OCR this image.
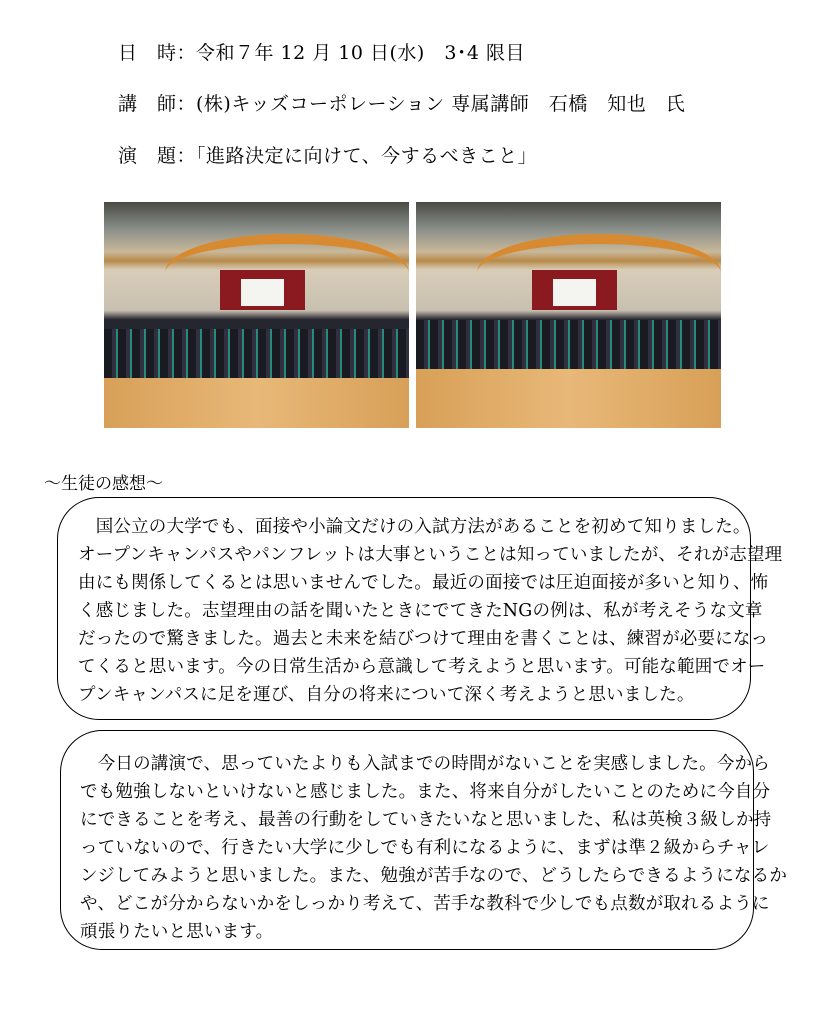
日　時：令和７年 12 月 10 日(水)　3･4 限目
講　師：(株)キッズコーポレーション 専属講師　石橋　知也　氏
演　題：「進路決定に向けて、今するべきこと」
〜生徒の感想〜
　国公立の大学でも、面接や小論文だけの入試方法があることを初めて知りました。
オープンキャンパスやパンフレットは大事ということは知っていましたが、それが志望理
由にも関係してくるとは思いませんでした。最近の面接では圧迫面接が多いと知り、怖
く感じました。志望理由の話を聞いたときにでてきたNGの例は、私が考えそうな文章
だったので驚きました。過去と未来を結びつけて理由を書くことは、練習が必要になっ
てくると思います。今の日常生活から意識して考えようと思います。可能な範囲でオー
プンキャンパスに足を運び、自分の将来について深く考えようと思いました。
　今日の講演で、思っていたよりも入試までの時間がないことを実感しました。今から
でも勉強しないといけないと感じました。また、将来自分がしたいことのために今自分
にできることを考え、最善の行動をしていきたいなと思いました、私は英検３級しか持
っていないので、行きたい大学に少しでも有利になるように、まずは準２級からチャレ
ンジしてみようと思いました。また、勉強が苦手なので、どうしたらできるようになるか
や、どこが分からないかをしっかり考えて、苦手な教科で少しでも点数が取れるように
頑張りたいと思います。
